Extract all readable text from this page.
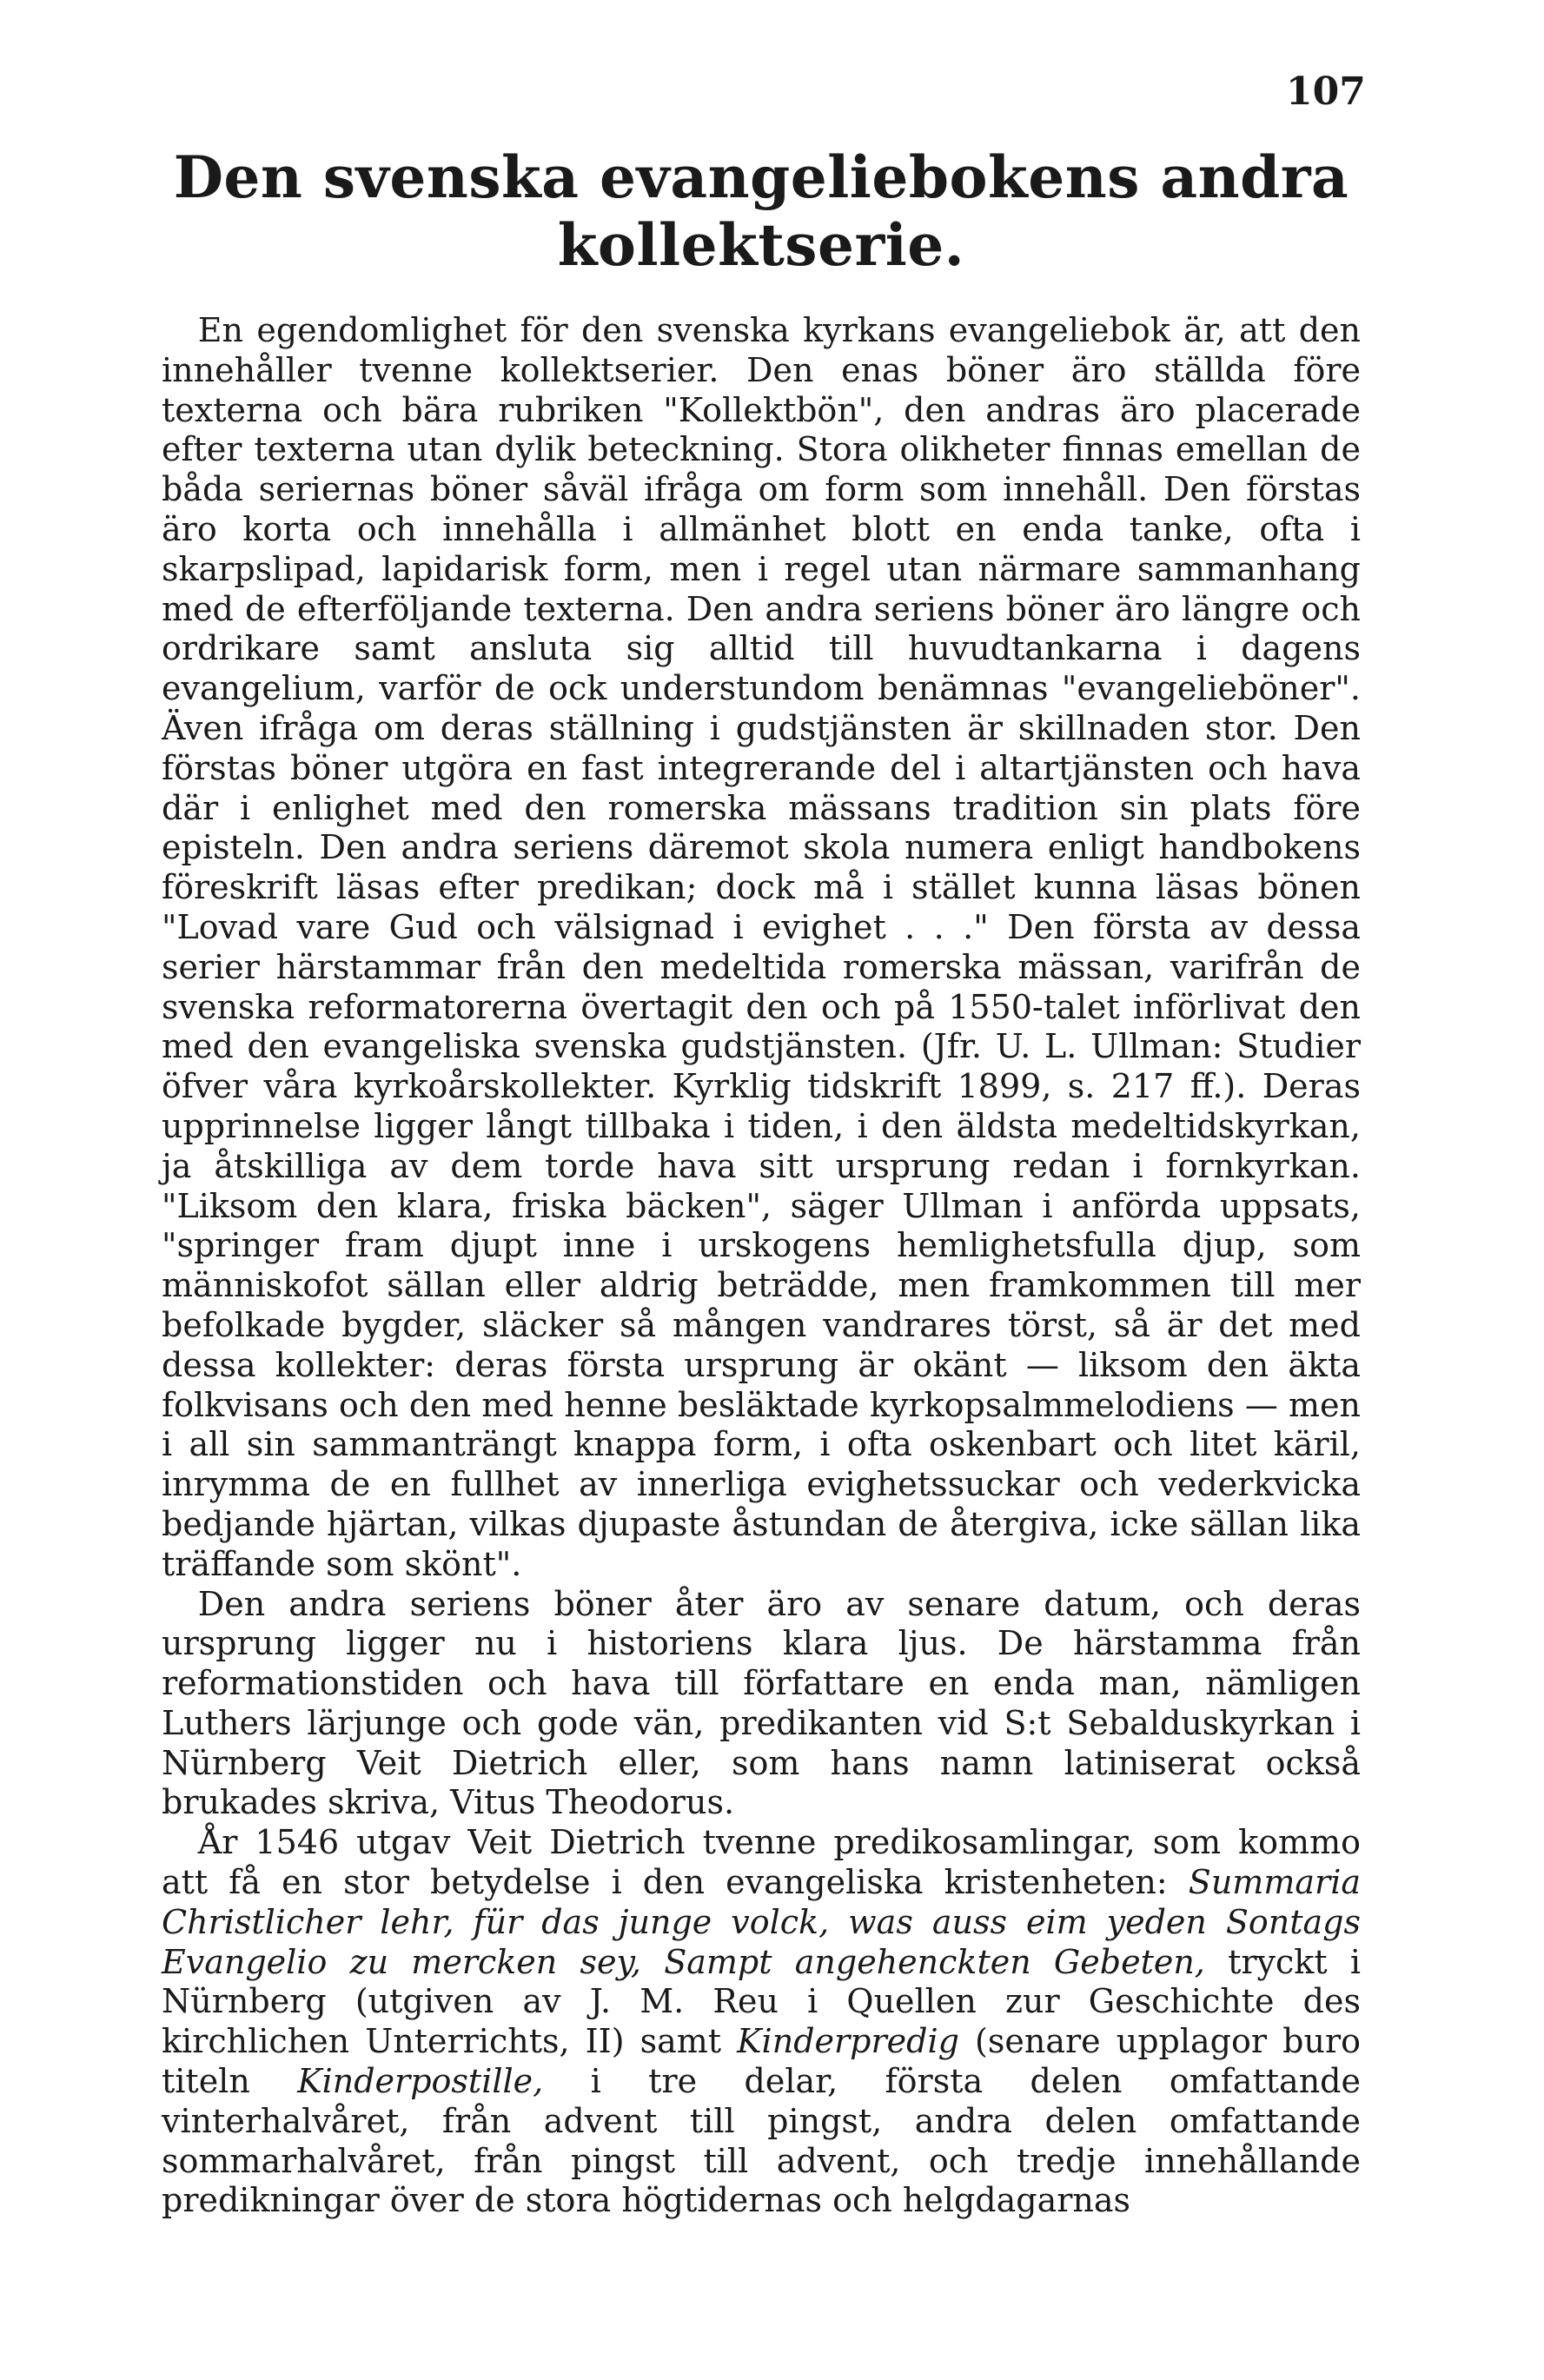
107
Den svenska evangeliebokens andra
kollektserie.

En egendomlighet för den svenska kyrkans evangeliebok är, att den innehåller tvenne kollektserier. Den enas böner äro ställda före texterna och bära rubriken "Kollektbön", den andras äro placerade efter texterna utan dylik beteckning. Stora olikheter finnas emellan de båda seriernas böner såväl ifråga om form som innehåll. Den förstas äro korta och innehålla i allmänhet blott en enda tanke, ofta i skarpslipad, lapidarisk form, men i regel utan närmare sammanhang med de efterföljande texterna. Den andra seriens böner äro längre och ordrikare samt ansluta sig alltid till huvudtankarna i dagens evangelium, varför de ock understundom benämnas "evangelieböner". Även ifråga om deras ställning i gudstjänsten är skillnaden stor. Den förstas böner utgöra en fast integrerande del i altartjänsten och hava där i enlighet med den romerska mässans tradition sin plats före episteln. Den andra seriens däremot skola numera enligt handbokens föreskrift läsas efter predikan; dock må i stället kunna läsas bönen "Lovad vare Gud och välsignad i evighet . . ." Den första av dessa serier härstammar från den medeltida romerska mässan, varifrån de svenska reformatorerna övertagit den och på 1550-talet införlivat den med den evangeliska svenska gudstjänsten. (Jfr. U. L. Ullman: Studier öfver våra kyrkoårskollekter. Kyrklig tidskrift 1899, s. 217 ff.). Deras upprinnelse ligger långt tillbaka i tiden, i den äldsta medeltidskyrkan, ja åtskilliga av dem torde hava sitt ursprung redan i fornkyrkan. "Liksom den klara, friska bäcken", säger Ullman i anförda uppsats, "springer fram djupt inne i urskogens hemlighetsfulla djup, som människofot sällan eller aldrig beträdde, men framkommen till mer befolkade bygder, släcker så mången vandrares törst, så är det med dessa kollekter: deras första ursprung är okänt — liksom den äkta folkvisans och den med henne besläktade kyrkopsalmmelodiens — men i all sin sammanträngt knappa form, i ofta oskenbart och litet käril, inrymma de en fullhet av innerliga evighetssuckar och vederkvicka bedjande hjärtan, vilkas djupaste åstundan de återgiva, icke sällan lika träffande som skönt".

Den andra seriens böner åter äro av senare datum, och deras ursprung ligger nu i historiens klara ljus. De härstamma från reformationstiden och hava till författare en enda man, nämligen Luthers lärjunge och gode vän, predikanten vid S:t Sebalduskyrkan i Nürnberg Veit Dietrich eller, som hans namn latiniserat också brukades skriva, Vitus Theodorus.

År 1546 utgav Veit Dietrich tvenne predikosamlingar, som kommo att få en stor betydelse i den evangeliska kristenheten: Summaria Christlicher lehr, für das junge volck, was auss eim yeden Sontags Evangelio zu mercken sey, Sampt angehenckten Gebeten, tryckt i Nürnberg (utgiven av J. M. Reu i Quellen zur Geschichte des kirchlichen Unterrichts, II) samt Kinderpredig (senare upplagor buro titeln Kinderpostille, i tre delar, första delen omfattande vinterhalvåret, från advent till pingst, andra delen omfattande sommarhalvåret, från pingst till advent, och tredje innehållande predikningar över de stora högtidernas och helgdagarnas
